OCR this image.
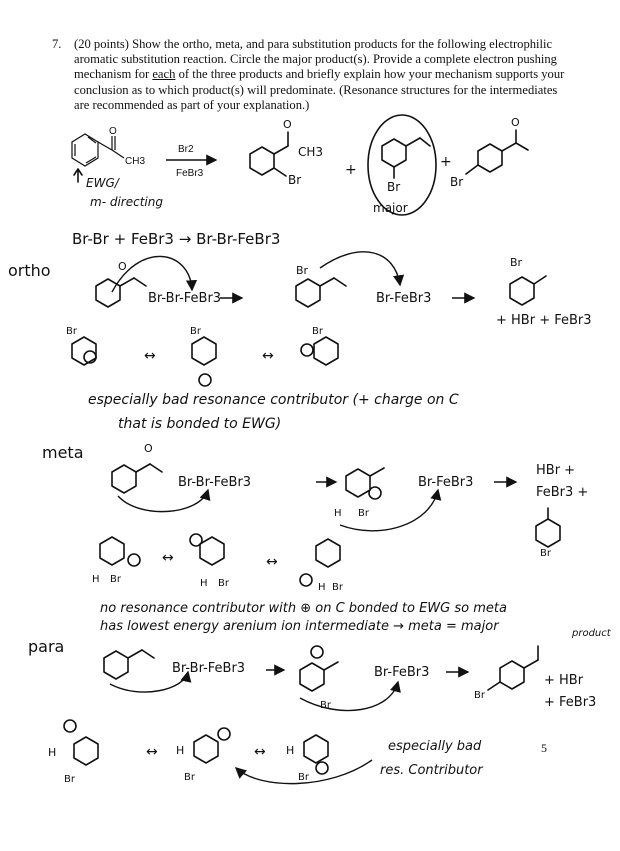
7. (20 points) Show the ortho, meta, and para substitution products for the following electrophilic aromatic substitution reaction. Circle the major product(s). Provide a complete electron pushing mechanism for each of the three products and briefly explain how your mechanism supports your conclusion as to which product(s) will predominate. (Resonance structures for the intermediates are recommended as part of your explanation.)
O
CH3
Br2
FeBr3
EWG/
m- directing
O
CH3
Br
+
Br
major
+
O
Br
Br-Br + FeBr3 → Br-Br-FeBr3
ortho	O
Br-Br-FeBr3
Br
Br-FeBr3
Br
+ HBr + FeBr3
Br
↔
Br
↔
Br
especially bad resonance contributor (+ charge on C
that is bonded to EWG)
meta	O
Br-Br-FeBr3
H Br
Br-FeBr3
HBr +
FeBr3 +
Br
H Br
↔
H Br
↔
H Br
no resonance contributor with ⊕ on C bonded to EWG so meta
has lowest energy arenium ion intermediate → meta = major	product
para
Br-Br-FeBr3
Br
Br-FeBr3
Br
+ HBr
+ FeBr3
H
Br
↔ H
Br
↔ H
Br
especially bad
res. Contributor
5
